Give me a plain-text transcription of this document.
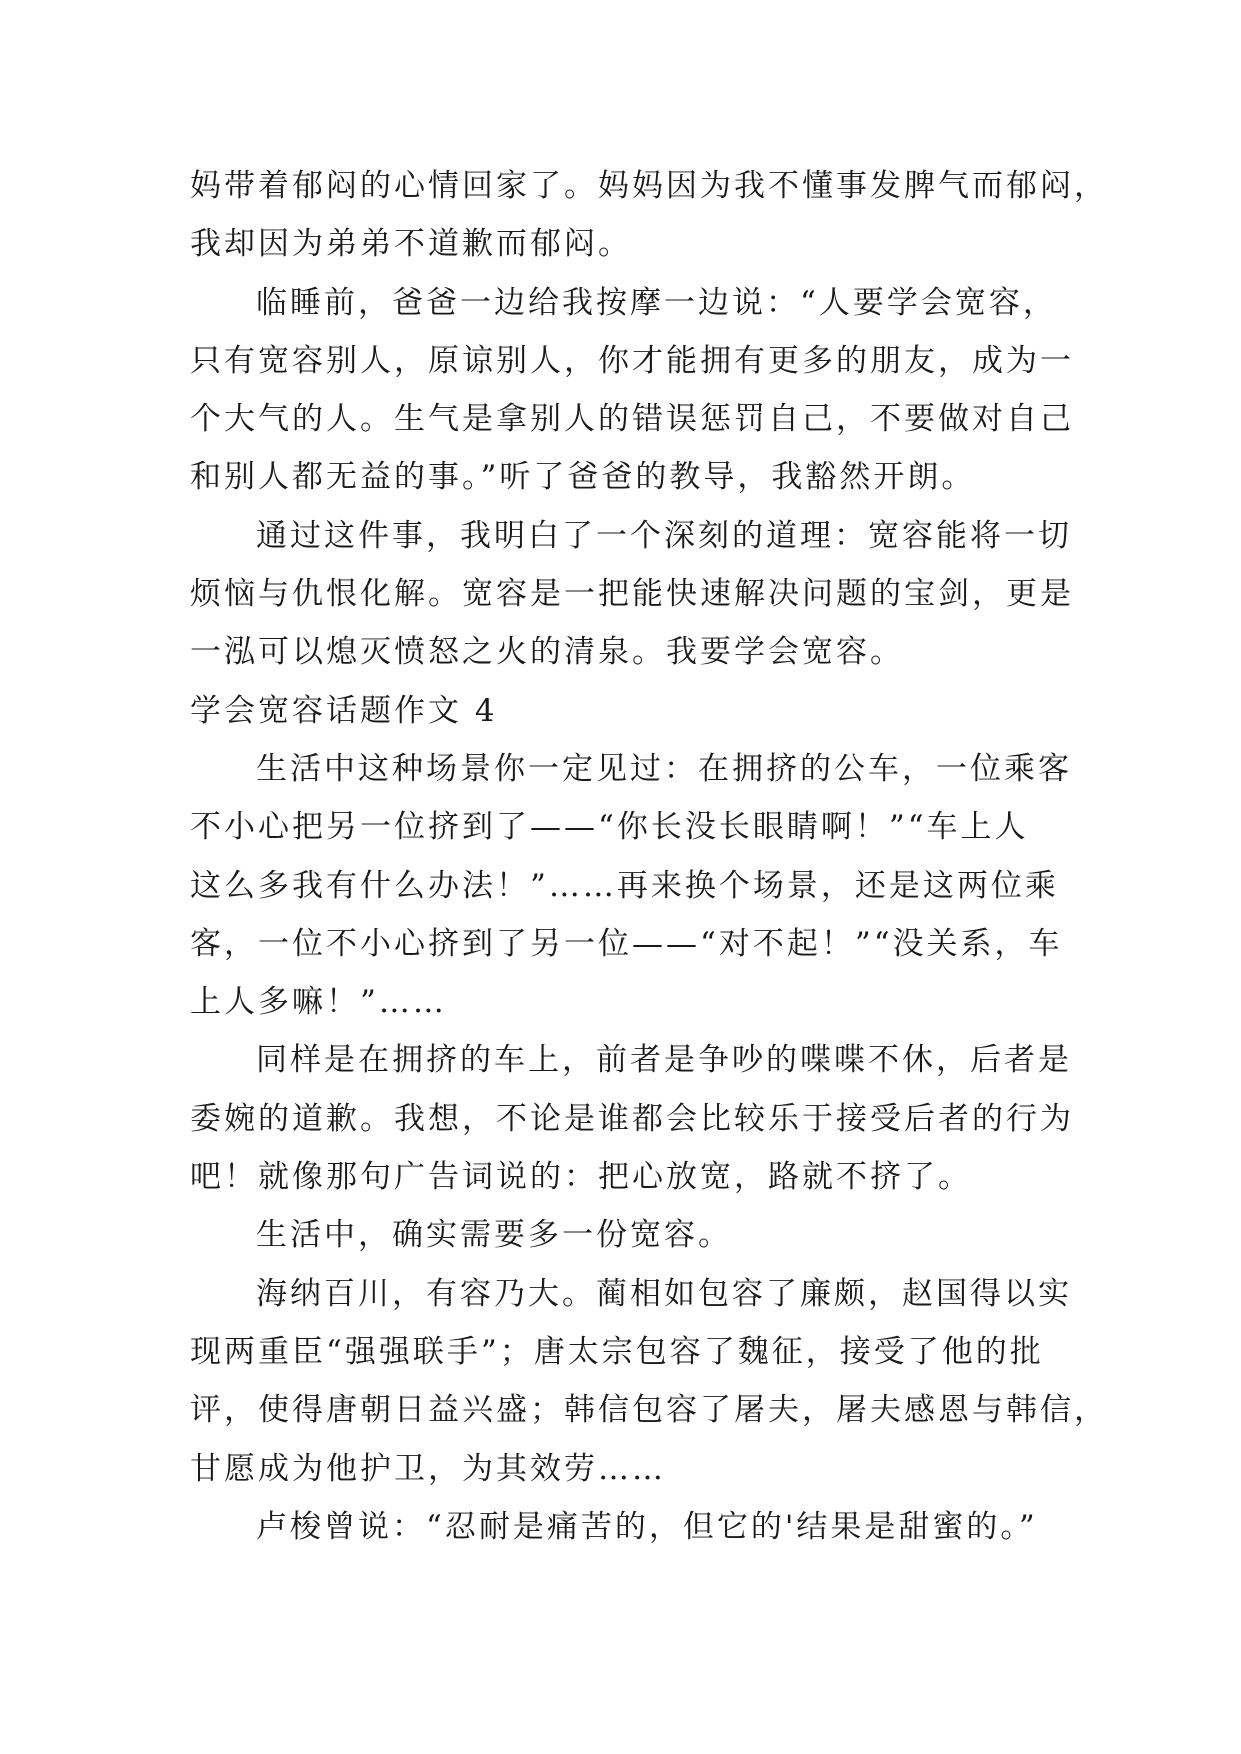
妈带着郁闷的心情回家了。妈妈因为我不懂事发脾气而郁闷，
我却因为弟弟不道歉而郁闷。
临睡前，爸爸一边给我按摩一边说：“人要学会宽容，
只有宽容别人，原谅别人，你才能拥有更多的朋友，成为一
个大气的人。生气是拿别人的错误惩罚自己，不要做对自己
和别人都无益的事。”听了爸爸的教导，我豁然开朗。
通过这件事，我明白了一个深刻的道理：宽容能将一切
烦恼与仇恨化解。宽容是一把能快速解决问题的宝剑，更是
一泓可以熄灭愤怒之火的清泉。我要学会宽容。
学会宽容话题作文 4
生活中这种场景你一定见过：在拥挤的公车，一位乘客
不小心把另一位挤到了——“你长没长眼睛啊！”“车上人
这么多我有什么办法！”……再来换个场景，还是这两位乘
客，一位不小心挤到了另一位——“对不起！”“没关系，车
上人多嘛！”……
同样是在拥挤的车上，前者是争吵的喋喋不休，后者是
委婉的道歉。我想，不论是谁都会比较乐于接受后者的行为
吧！就像那句广告词说的：把心放宽，路就不挤了。
生活中，确实需要多一份宽容。
海纳百川，有容乃大。蔺相如包容了廉颇，赵国得以实
现两重臣“强强联手”；唐太宗包容了魏征，接受了他的批
评，使得唐朝日益兴盛；韩信包容了屠夫，屠夫感恩与韩信，
甘愿成为他护卫，为其效劳……
卢梭曾说：“忍耐是痛苦的，但它的'结果是甜蜜的。”
